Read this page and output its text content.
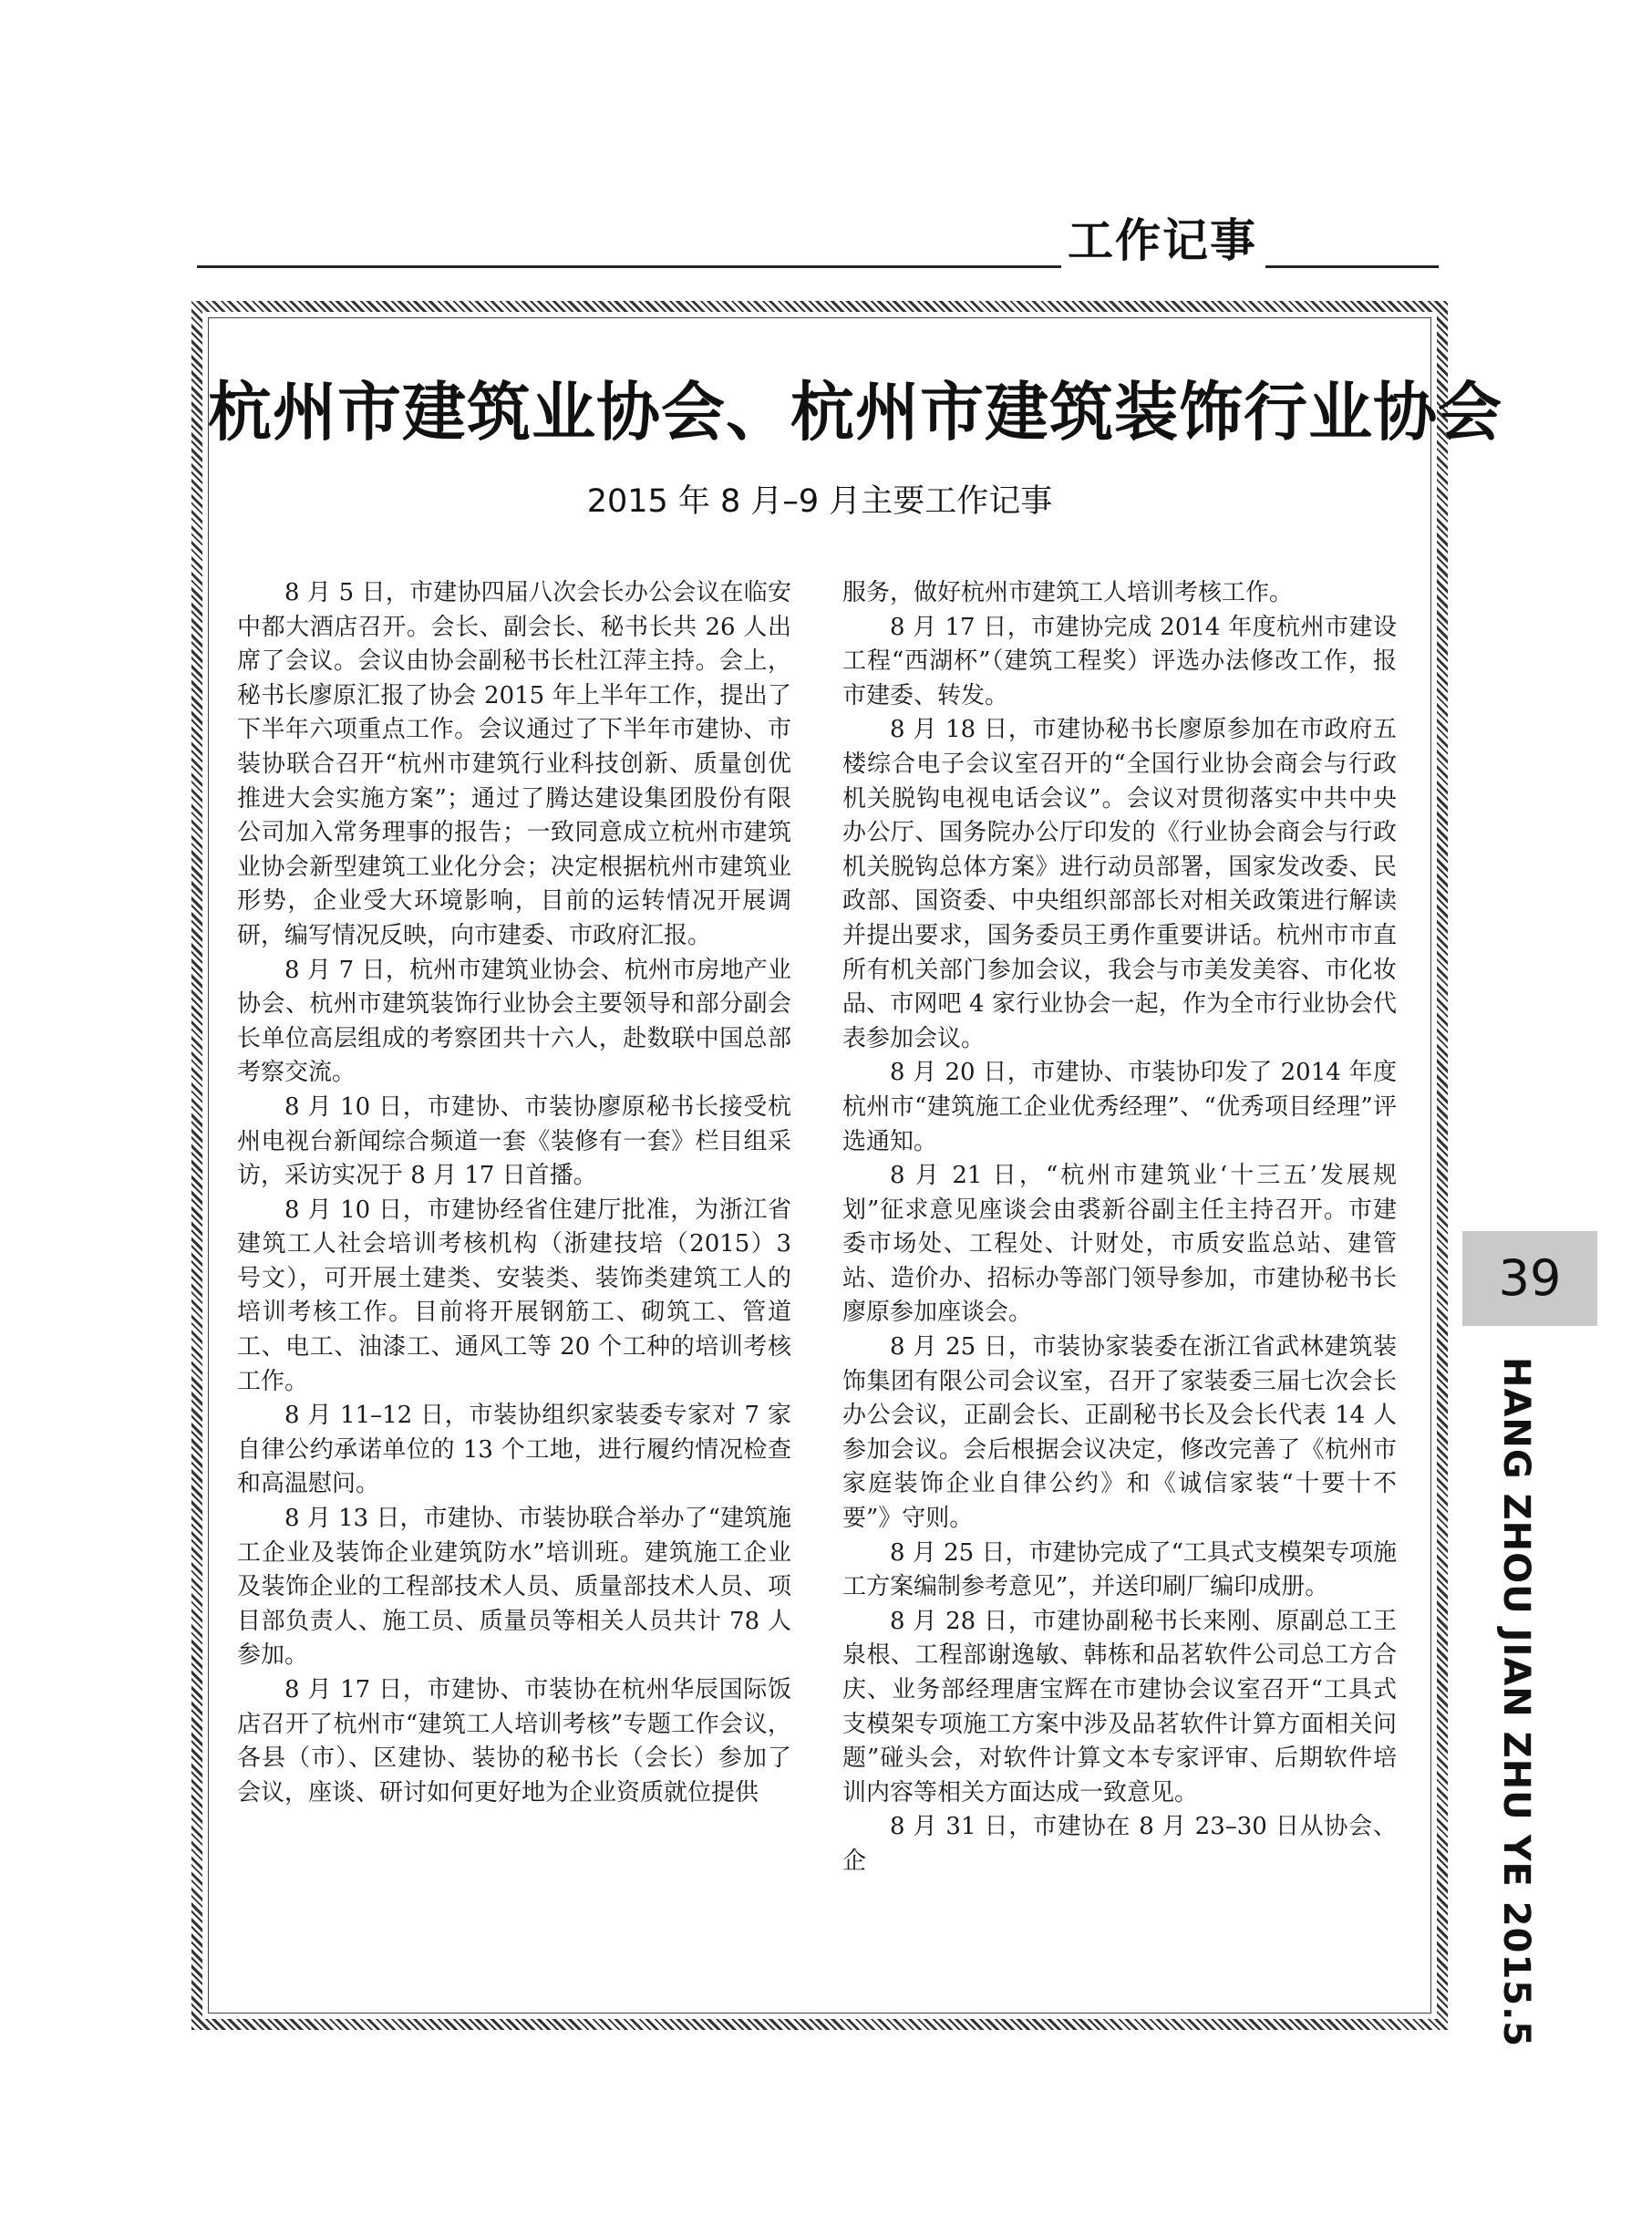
工作记事
杭州市建筑业协会、杭州市建筑装饰行业协会
2015 年 8 月–9 月主要工作记事

8 月 5 日，市建协四届八次会长办公会议在临安中都大酒店召开。会长、副会长、秘书长共 26 人出席了会议。会议由协会副秘书长杜江萍主持。会上，秘书长廖原汇报了协会 2015 年上半年工作，提出了下半年六项重点工作。会议通过了下半年市建协、市装协联合召开“杭州市建筑行业科技创新、质量创优推进大会实施方案”；通过了腾达建设集团股份有限公司加入常务理事的报告；一致同意成立杭州市建筑业协会新型建筑工业化分会；决定根据杭州市建筑业形势，企业受大环境影响，目前的运转情况开展调研，编写情况反映，向市建委、市政府汇报。

8 月 7 日，杭州市建筑业协会、杭州市房地产业协会、杭州市建筑装饰行业协会主要领导和部分副会长单位高层组成的考察团共十六人，赴数联中国总部考察交流。

8 月 10 日，市建协、市装协廖原秘书长接受杭州电视台新闻综合频道一套《装修有一套》栏目组采访，采访实况于 8 月 17 日首播。

8 月 10 日，市建协经省住建厅批准，为浙江省建筑工人社会培训考核机构（浙建技培（2015）3 号文），可开展土建类、安装类、装饰类建筑工人的培训考核工作。目前将开展钢筋工、砌筑工、管道工、电工、油漆工、通风工等 20 个工种的培训考核工作。

8 月 11–12 日，市装协组织家装委专家对 7 家自律公约承诺单位的 13 个工地，进行履约情况检查和高温慰问。

8 月 13 日，市建协、市装协联合举办了“建筑施工企业及装饰企业建筑防水”培训班。建筑施工企业及装饰企业的工程部技术人员、质量部技术人员、项目部负责人、施工员、质量员等相关人员共计 78 人参加。

8 月 17 日，市建协、市装协在杭州华辰国际饭店召开了杭州市“建筑工人培训考核”专题工作会议，各县（市）、区建协、装协的秘书长（会长）参加了会议，座谈、研讨如何更好地为企业资质就位提供

服务，做好杭州市建筑工人培训考核工作。

8 月 17 日，市建协完成 2014 年度杭州市建设工程“西湖杯”（建筑工程奖）评选办法修改工作，报市建委、转发。

8 月 18 日，市建协秘书长廖原参加在市政府五楼综合电子会议室召开的“全国行业协会商会与行政机关脱钩电视电话会议”。会议对贯彻落实中共中央办公厅、国务院办公厅印发的《行业协会商会与行政机关脱钩总体方案》进行动员部署，国家发改委、民政部、国资委、中央组织部部长对相关政策进行解读并提出要求，国务委员王勇作重要讲话。杭州市市直所有机关部门参加会议，我会与市美发美容、市化妆品、市网吧 4 家行业协会一起，作为全市行业协会代表参加会议。

8 月 20 日，市建协、市装协印发了 2014 年度杭州市“建筑施工企业优秀经理”、“优秀项目经理”评选通知。

8 月 21 日，“杭州市建筑业‘十三五’发展规划”征求意见座谈会由裘新谷副主任主持召开。市建委市场处、工程处、计财处，市质安监总站、建管站、造价办、招标办等部门领导参加，市建协秘书长廖原参加座谈会。

8 月 25 日，市装协家装委在浙江省武林建筑装饰集团有限公司会议室，召开了家装委三届七次会长办公会议，正副会长、正副秘书长及会长代表 14 人参加会议。会后根据会议决定，修改完善了《杭州市家庭装饰企业自律公约》和《诚信家装“十要十不要”》守则。

8 月 25 日，市建协完成了“工具式支模架专项施工方案编制参考意见”，并送印刷厂编印成册。

8 月 28 日，市建协副秘书长来刚、原副总工王泉根、工程部谢逸敏、韩栋和品茗软件公司总工方合庆、业务部经理唐宝辉在市建协会议室召开“工具式支模架专项施工方案中涉及品茗软件计算方面相关问题”碰头会，对软件计算文本专家评审、后期软件培训内容等相关方面达成一致意见。

8 月 31 日，市建协在 8 月 23–30 日从协会、企

39
HANG ZHOU JIAN ZHU YE 2015.5
